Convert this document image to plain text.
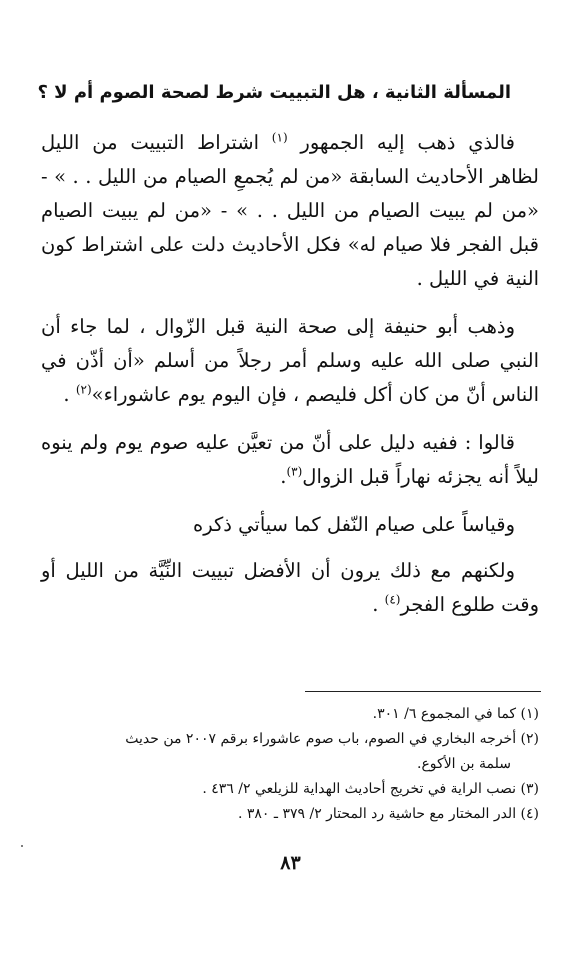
المسألة الثانية ، هل التبييت شرط لصحة الصوم أم لا ؟

فالذي ذهب إليه الجمهور $^{(١)}$ اشتراط التبييت من الليل لظاهر الأحاديث السابقة «من لم يُجمعِ الصيام من الليل . . » - «من لم يبيت الصيام من الليل . . » - «من لم يبيت الصيام قبل الفجر فلا صيام له» فكل الأحاديث دلت على اشتراط كون النية في الليل .

وذهب أبو حنيفة إلى صحة النية قبل الزّوال ، لما جاء أن النبي صلى الله عليه وسلم أمر رجلاً من أسلم «أن أذّن في الناس أنّ من كان أكل فليصم ، فإن اليوم يوم عاشوراء»$^{(٢)}$ .

قالوا : ففيه دليل على أنّ من تعيَّن عليه صوم يوم ولم ينوه ليلاً أنه يجزئه نهاراً قبل الزوال$^{(٣)}$.

وقياساً على صيام النّفل كما سيأتي ذكره

ولكنهم مع ذلك يرون أن الأفضل تبييت النِّيَّة من الليل أو وقت طلوع الفجر$^{(٤)}$ .

(١) كما في المجموع ٦/ ٣٠١.
(٢) أخرجه البخاري في الصوم، باب صوم عاشوراء برقم ٢٠٠٧ من حديث
سلمة بن الأكوع.
(٣) نصب الراية في تخريج أحاديث الهداية للزيلعي ٢/ ٤٣٦ .
(٤) الدر المختار مع حاشية رد المحتار ٢/ ٣٧٩ ـ ٣٨٠ .
٨٣
